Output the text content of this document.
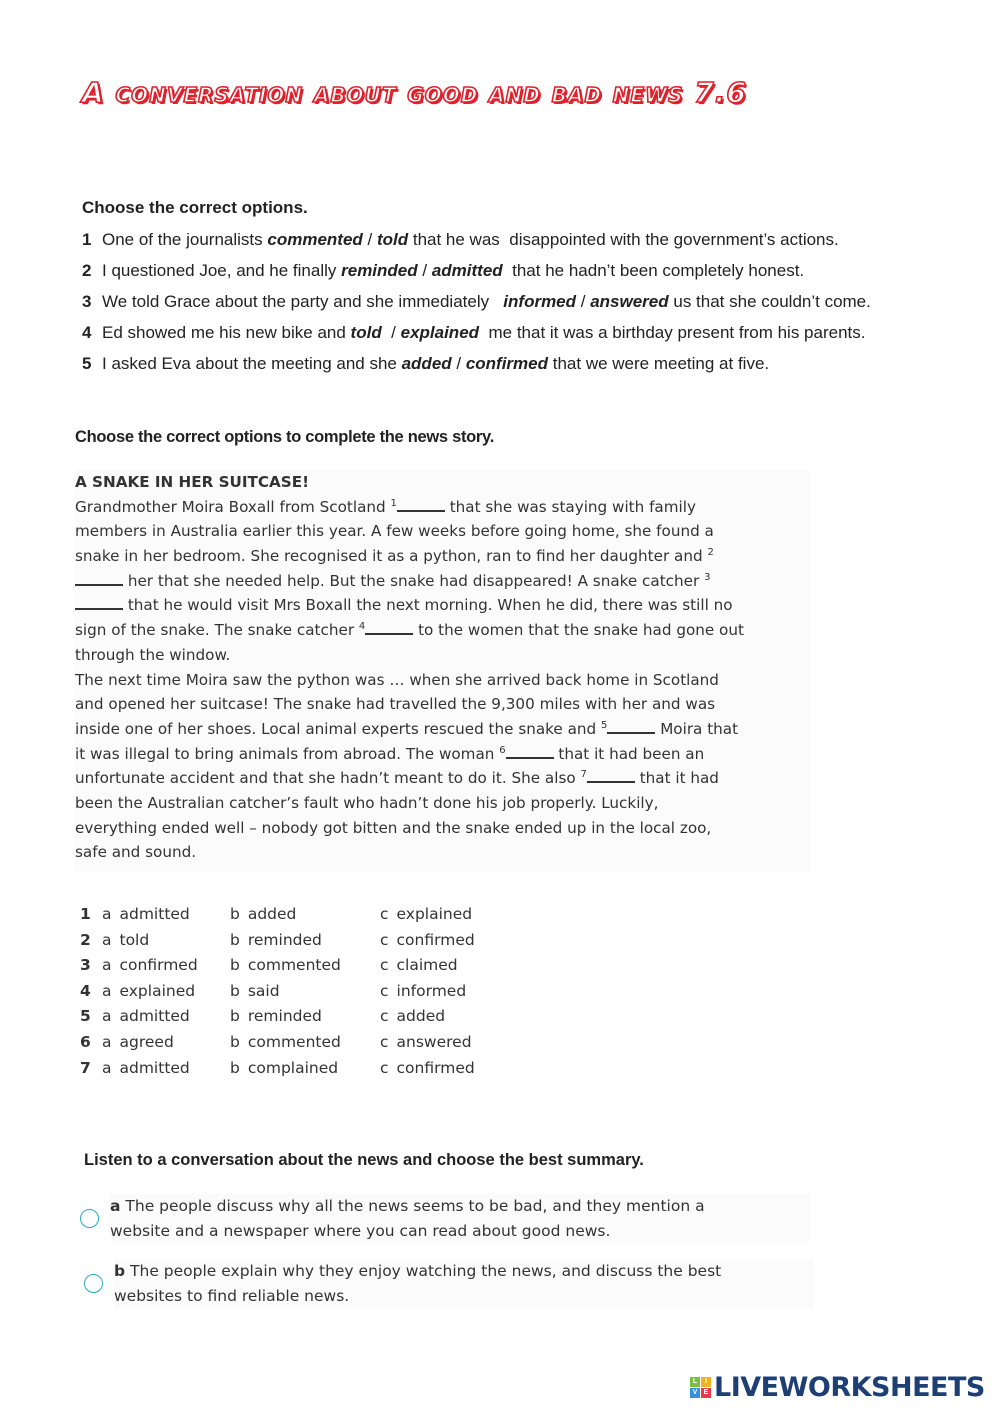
A conversation about good and bad news 7.6
Choose the correct options.
1 One of the journalists commented / told that he was  disappointed with the government’s actions.
2 I questioned Joe, and he finally reminded / admitted  that he hadn’t been completely honest.
3 We told Grace about the party and she immediately   informed / answered us that she couldn’t come.
4 Ed showed me his new bike and told  / explained  me that it was a birthday present from his parents.
5 I asked Eva about the meeting and she added / confirmed that we were meeting at five.
Choose the correct options to complete the news story.
A SNAKE IN HER SUITCASE!
Grandmother Moira Boxall from Scotland $^1$	that she was staying with family
members in Australia earlier this year. A few weeks before going home, she found a
snake in her bedroom. She recognised it as a python, ran to find her daughter and $^2$
her that she needed help. But the snake had disappeared! A snake catcher $^3$
that he would visit Mrs Boxall the next morning. When he did, there was still no
sign of the snake. The snake catcher $^4$	to the women that the snake had gone out
through the window.
The next time Moira saw the python was … when she arrived back home in Scotland
and opened her suitcase! The snake had travelled the 9,300 miles with her and was
inside one of her shoes. Local animal experts rescued the snake and $^5$	Moira that
it was illegal to bring animals from abroad. The woman $^6$	that it had been an
unfortunate accident and that she hadn’t meant to do it. She also $^7$	that it had
been the Australian catcher’s fault who hadn’t done his job properly. Luckily,
everything ended well – nobody got bitten and the snake ended up in the local zoo,
safe and sound.
1 a admitted	b added	c explained
2 a told	b reminded	c confirmed
3 a confirmed b commented	c claimed
4 a explained b said	c informed
5 a admitted	b reminded	c added
6 a agreed	b commented	c answered
7 a admitted	b complained	c confirmed
Listen to a conversation about the news and choose the best summary.
a The people discuss why all the news seems to be bad, and they mention a
website and a newspaper where you can read about good news.
b The people explain why they enjoy watching the news, and discuss the best
websites to find reliable news.
L	I
V E LIVEWORKSHEETS
